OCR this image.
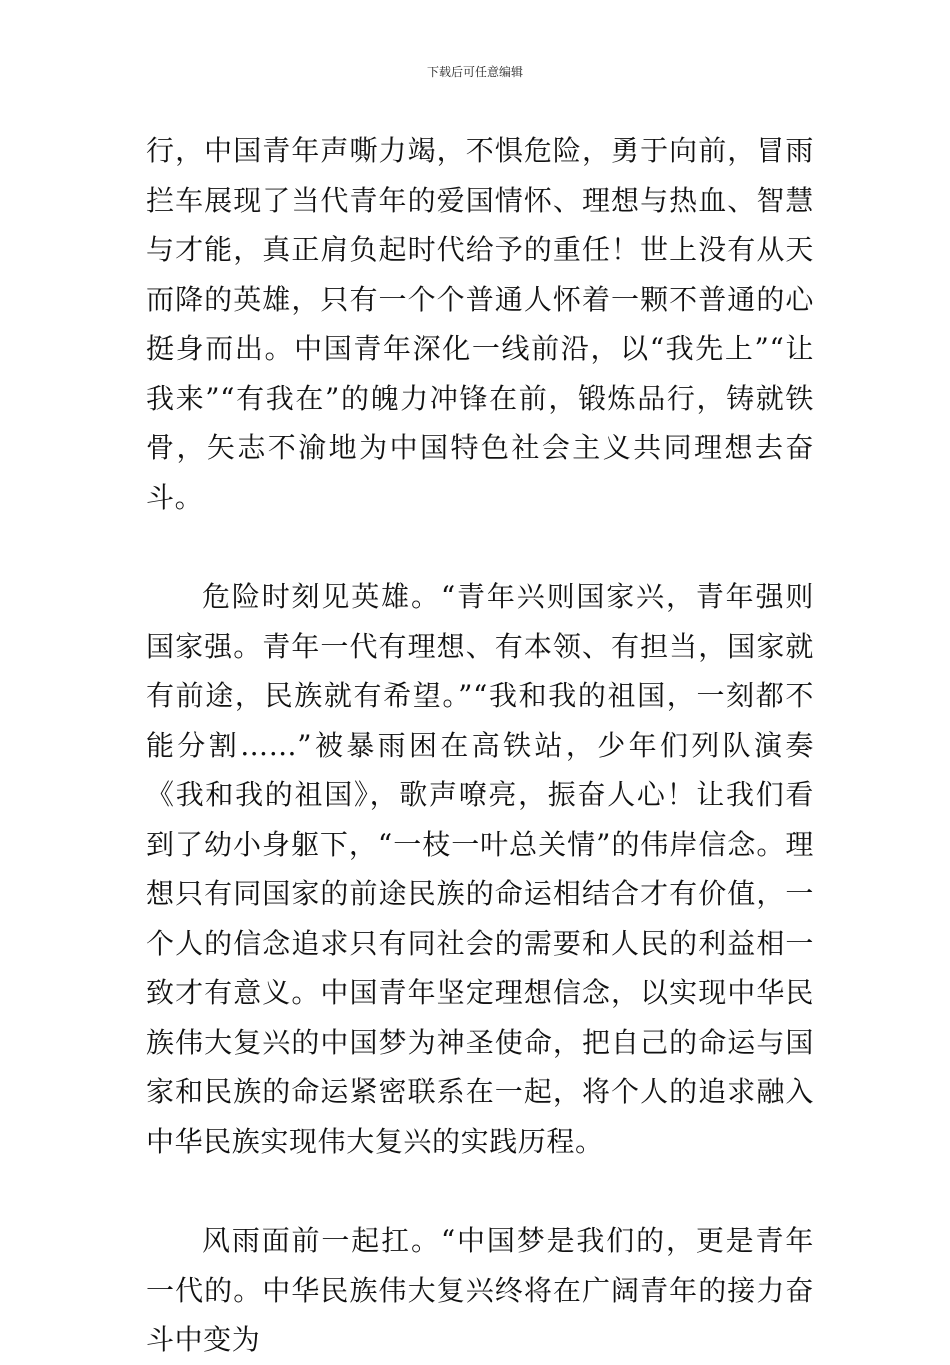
下载后可任意编辑

行，中国青年声嘶力竭，不惧危险，勇于向前，冒雨拦车展现了当代青年的爱国情怀、理想与热血、智慧与才能，真正肩负起时代给予的重任！世上没有从天而降的英雄，只有一个个普通人怀着一颗不普通的心挺身而出。中国青年深化一线前沿，以“我先上”“让我来”“有我在”的魄力冲锋在前，锻炼品行，铸就铁骨，矢志不渝地为中国特色社会主义共同理想去奋斗。

危险时刻见英雄。“青年兴则国家兴，青年强则国家强。青年一代有理想、有本领、有担当，国家就有前途，民族就有希望。”“我和我的祖国，一刻都不能分割……”被暴雨困在高铁站，少年们列队演奏《我和我的祖国》，歌声嘹亮，振奋人心！让我们看到了幼小身躯下，“一枝一叶总关情”的伟岸信念。理想只有同国家的前途民族的命运相结合才有价值，一个人的信念追求只有同社会的需要和人民的利益相一致才有意义。中国青年坚定理想信念，以实现中华民族伟大复兴的中国梦为神圣使命，把自己的命运与国家和民族的命运紧密联系在一起，将个人的追求融入中华民族实现伟大复兴的实践历程。

风雨面前一起扛。“中国梦是我们的，更是青年一代的。中华民族伟大复兴终将在广阔青年的接力奋斗中变为
